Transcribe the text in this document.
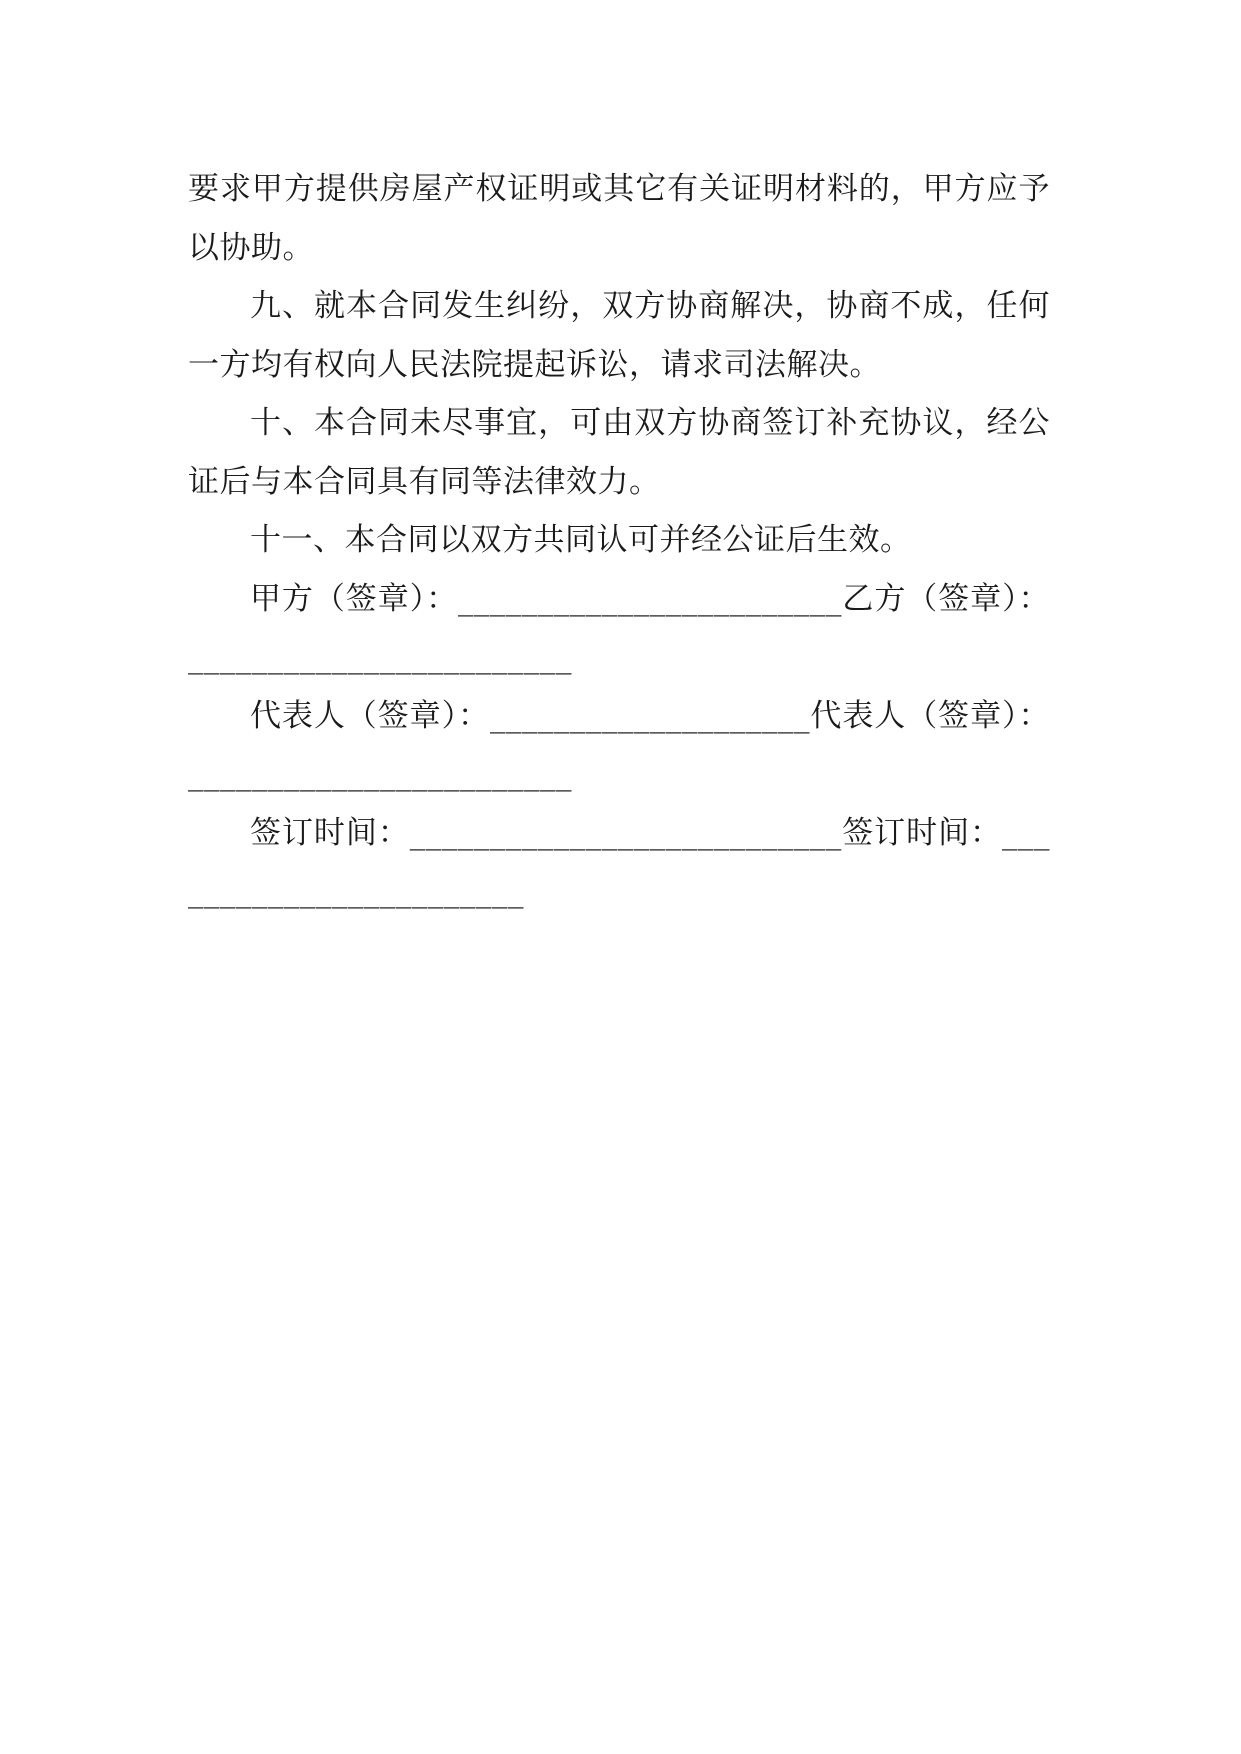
要求甲方提供房屋产权证明或其它有关证明材料的，甲方应予以协助。

九、就本合同发生纠纷，双方协商解决，协商不成，任何一方均有权向人民法院提起诉讼，请求司法解决。

十、本合同未尽事宜，可由双方协商签订补充协议，经公证后与本合同具有同等法律效力。

十一、本合同以双方共同认可并经公证后生效。

甲方（签章）：________________________乙方（签章）：________________________

代表人（签章）：____________________代表人（签章）：________________________

签订时间：___________________________签订时间：________________________
